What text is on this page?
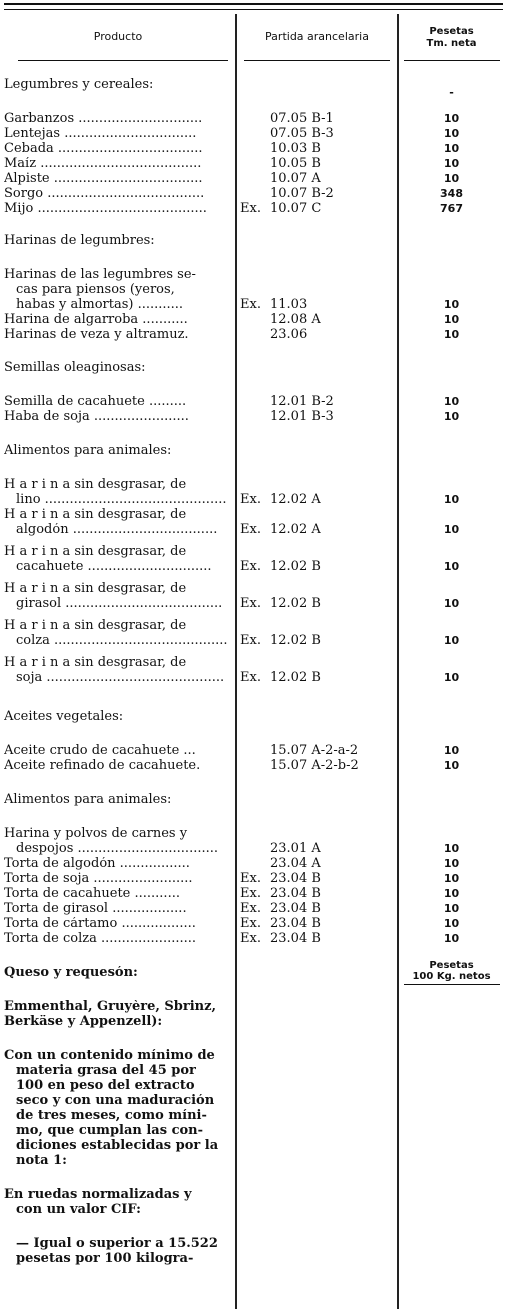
Producto	Partida arancelaria	Pesetas
Tm. neta
Legumbres y cereales:
-
Garbanzos ..............................	07.05 B-1	10
Lentejas ................................	07.05 B-3	10
Cebada ...................................	10.03 B	10
Maíz .......................................	10.05 B	10
Alpiste ....................................	10.07 A	10
Sorgo ......................................	10.07 B-2	348
Mijo .........................................	Ex. 10.07 C	767
Harinas de legumbres:
Harinas de las legumbres se-
cas para piensos (yeros,
habas y almortas) ...........	Ex. 11.03	10
Harina de algarroba ...........	12.08 A	10
Harinas de veza y altramuz.	23.06	10
Semillas oleaginosas:
Semilla de cacahuete .........	12.01 B-2	10
Haba de soja .......................	12.01 B-3	10
Alimentos para animales:
H a r i n a sin desgrasar, de
lino ............................................	Ex. 12.02 A	10
H a r i n a sin desgrasar, de
algodón ...................................	Ex. 12.02 A	10
H a r i n a sin desgrasar, de
cacahuete ..............................	Ex. 12.02 B	10
H a r i n a sin desgrasar, de
girasol ......................................	Ex. 12.02 B	10
H a r i n a sin desgrasar, de
colza .......................................... Ex. 12.02 B	10
H a r i n a sin desgrasar, de
soja ...........................................	Ex. 12.02 B	10
Aceites vegetales:
Aceite crudo de cacahuete ...	15.07 A-2-a-2	10
Aceite refinado de cacahuete.	15.07 A-2-b-2	10
Alimentos para animales:
Harina y polvos de carnes y
despojos ..................................	23.01 A	10
Torta de algodón .................	23.04 A	10
Torta de soja ........................	Ex. 23.04 B	10
Torta de cacahuete ...........	Ex. 23.04 B	10
Torta de girasol ..................	Ex. 23.04 B	10
Torta de cártamo ..................	Ex. 23.04 B	10
Torta de colza .......................	Ex. 23.04 B	10
Queso y requesón:
Emmenthal, Gruyère, Sbrinz,
Berkäse y Appenzell):
Con un contenido mínimo de
materia grasa del 45 por
100 en peso del extracto
seco y con una maduración
de tres meses, como míni-
mo, que cumplan las con-
diciones establecidas por la
nota 1:
En ruedas normalizadas y
con un valor CIF:
— Igual o superior a 15.522
pesetas por 100 kilogra-
Pesetas
100 Kg. netos
